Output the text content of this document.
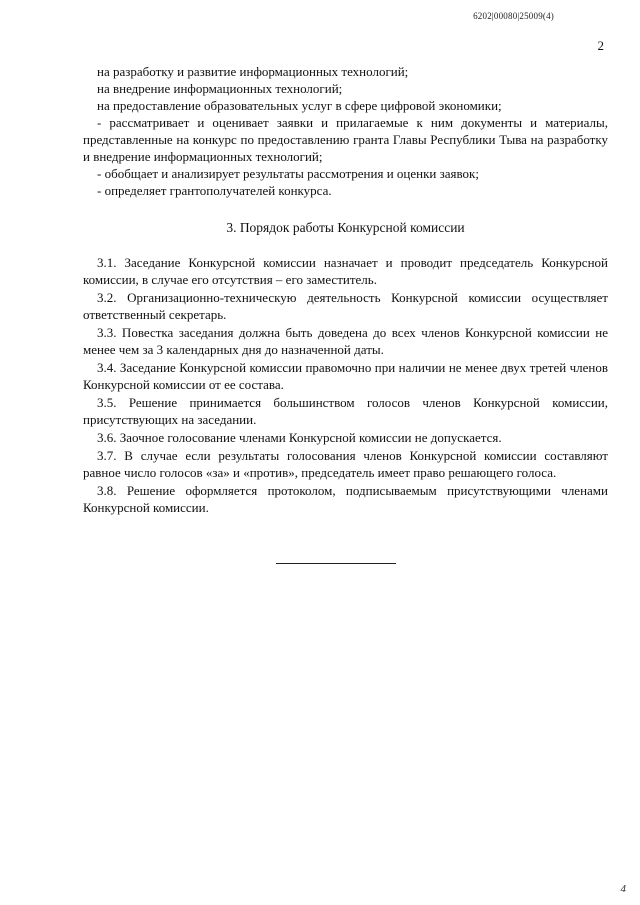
6202|00080|25009(4)
2

на разработку и развитие информационных технологий;

на внедрение информационных технологий;

на предоставление образовательных услуг в сфере цифровой экономики;

- рассматривает и оценивает заявки и прилагаемые к ним документы и материалы, представленные на конкурс по предоставлению гранта Главы Республики Тыва на разработку и внедрение информационных технологий;

- обобщает и анализирует результаты рассмотрения и оценки заявок;

- определяет грантополучателей конкурса.

3. Порядок работы Конкурсной комиссии

3.1. Заседание Конкурсной комиссии назначает и проводит председатель Конкурсной комиссии, в случае его отсутствия – его заместитель.

3.2. Организационно-техническую деятельность Конкурсной комиссии осуществляет ответственный секретарь.

3.3. Повестка заседания должна быть доведена до всех членов Конкурсной комиссии не менее чем за 3 календарных дня до назначенной даты.

3.4. Заседание Конкурсной комиссии правомочно при наличии не менее двух третей членов Конкурсной комиссии от ее состава.

3.5. Решение принимается большинством голосов членов Конкурсной комиссии, присутствующих на заседании.

3.6. Заочное голосование членами Конкурсной комиссии не допускается.

3.7. В случае если результаты голосования членов Конкурсной комиссии составляют равное число голосов «за» и «против», председатель имеет право решающего голоса.

3.8. Решение оформляется протоколом, подписываемым присутствующими членами Конкурсной комиссии.

4
